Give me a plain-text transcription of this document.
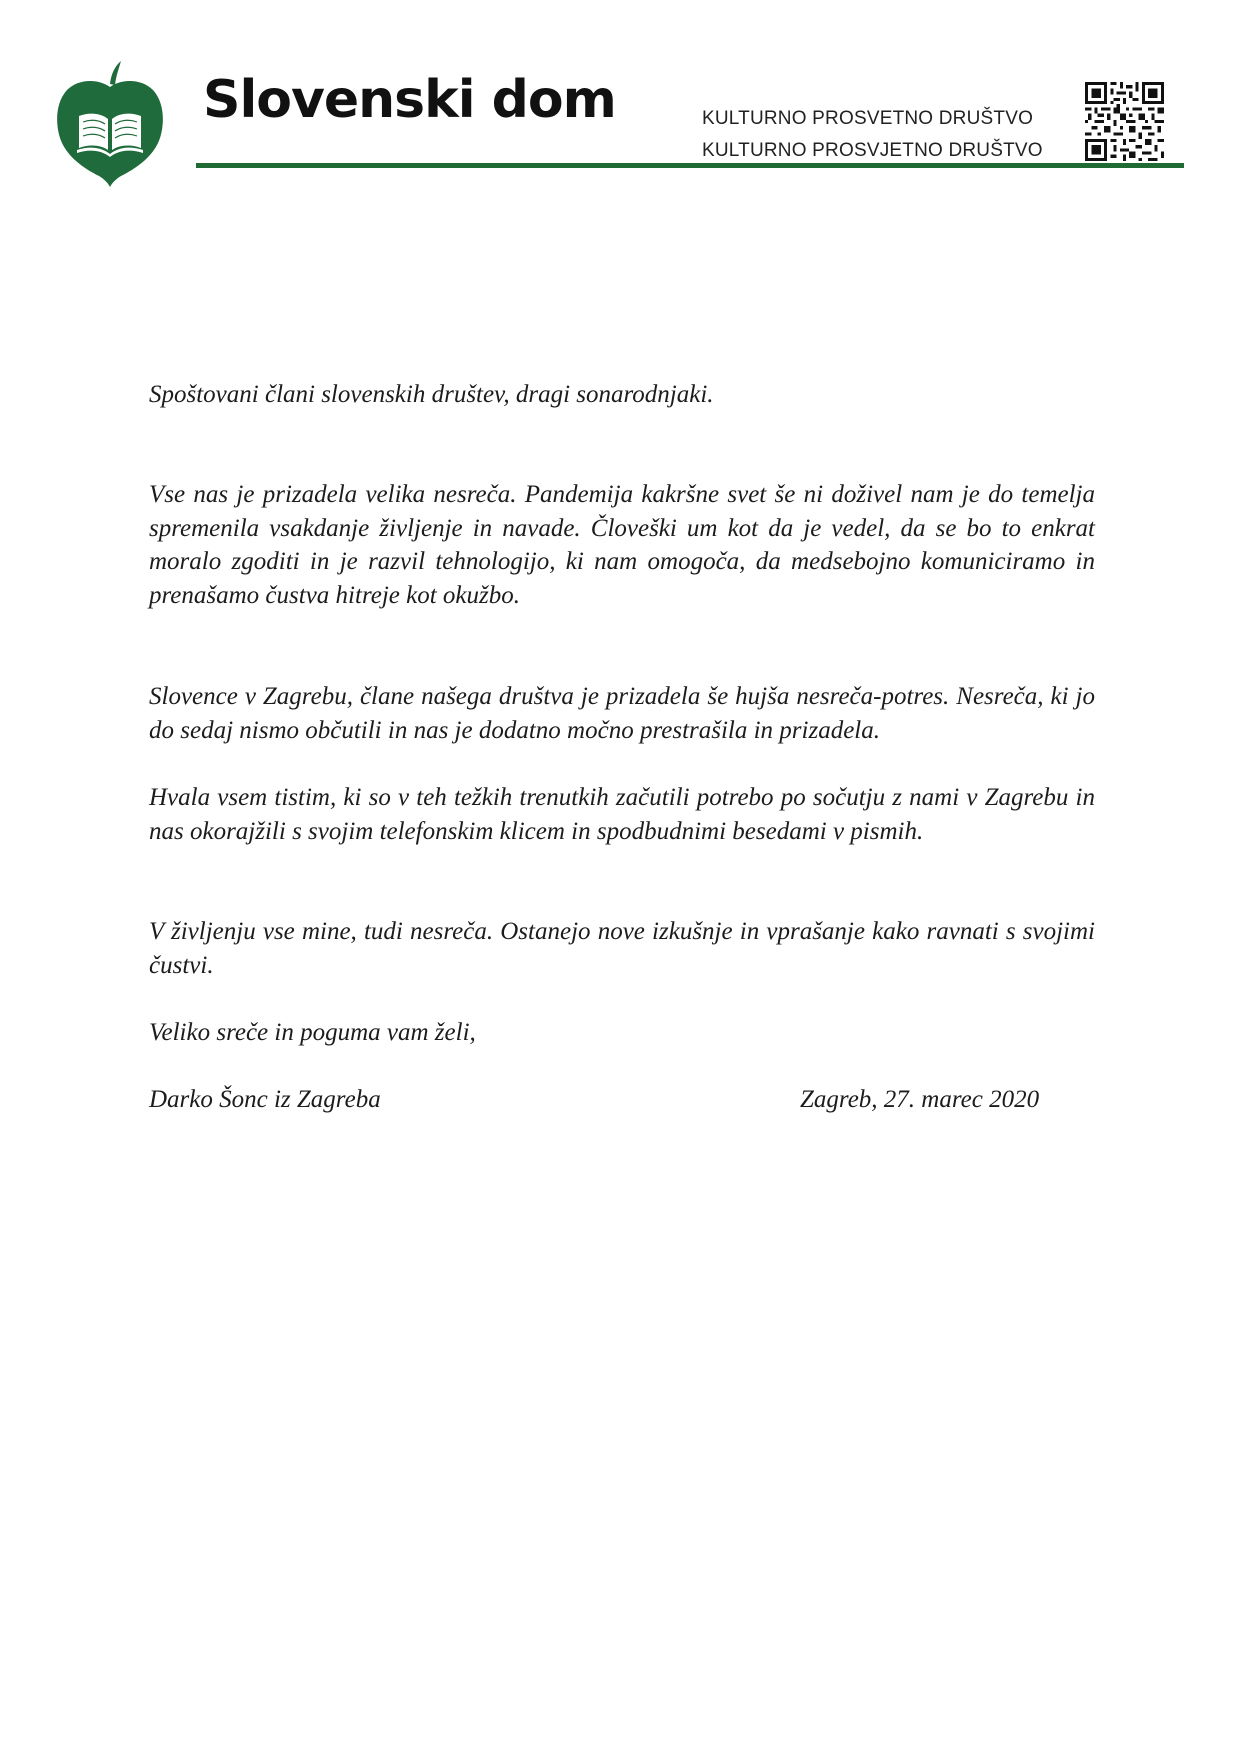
Slovenski dom	KULTURNO PROSVETNO DRUŠTVO
KULTURNO PROSVJETNO DRUŠTVO

Spoštovani člani slovenskih društev, dragi sonarodnjaki.

Vse nas je prizadela velika nesreča. Pandemija kakršne svet še ni doživel nam je do temelja spremenila vsakdanje življenje in navade. Človeški um kot da je vedel, da se bo to enkrat moralo zgoditi in je razvil tehnologijo, ki nam omogoča, da medsebojno komuniciramo in prenašamo čustva hitreje kot okužbo.

Slovence v Zagrebu, člane našega društva je prizadela še hujša nesreča-potres. Nesreča, ki jo do sedaj nismo občutili in nas je dodatno močno prestrašila in prizadela.

Hvala vsem tistim, ki so v teh težkih trenutkih začutili potrebo po sočutju z nami v Zagrebu in nas okorajžili s svojim telefonskim klicem in spodbudnimi besedami v pismih.

V življenju vse mine, tudi nesreča. Ostanejo nove izkušnje in vprašanje kako ravnati s svojimi čustvi.

Veliko sreče in poguma vam želi,

Darko Šonc iz Zagreba	Zagreb, 27. marec 2020
